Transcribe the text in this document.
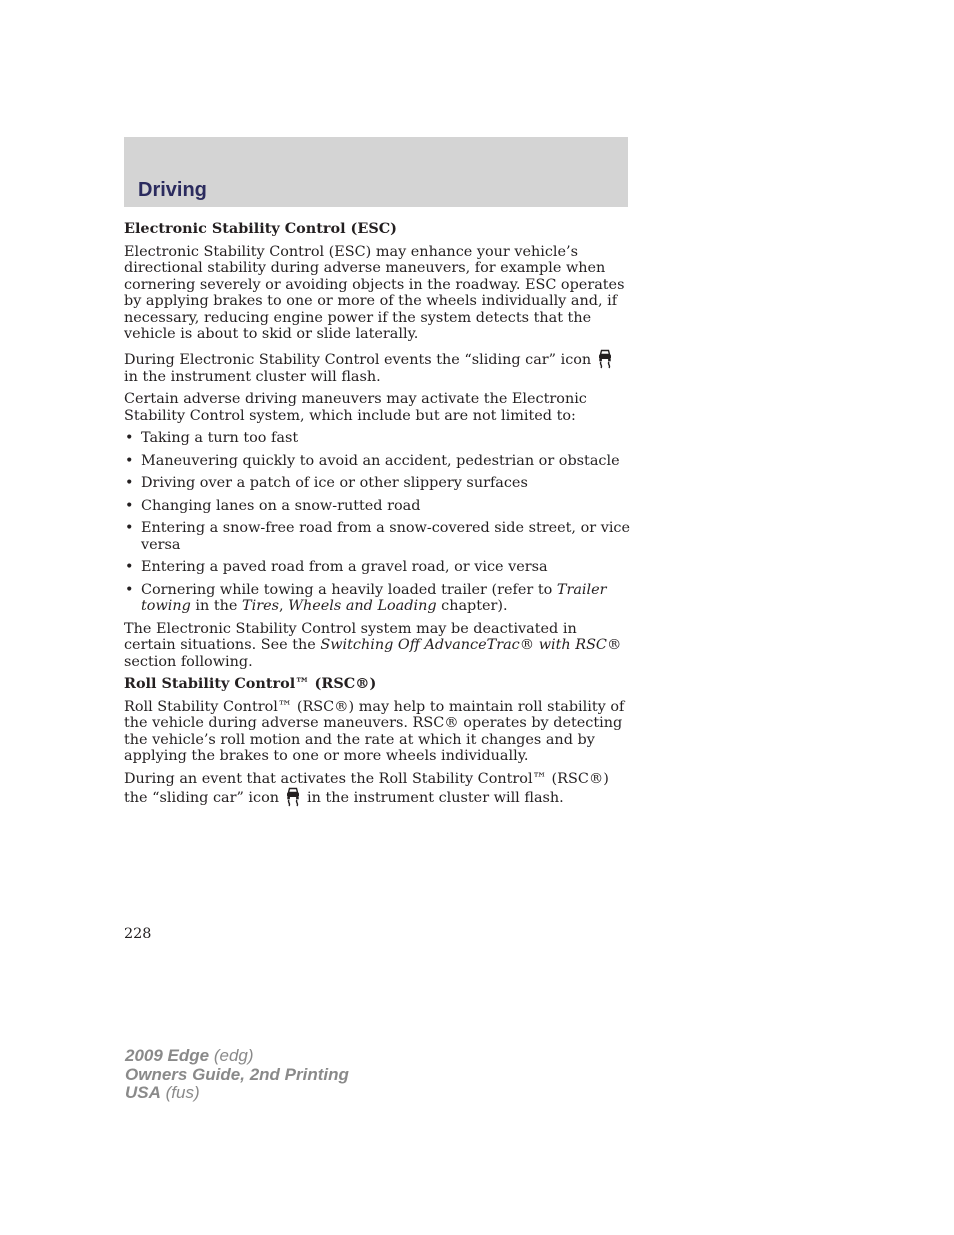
Driving
Electronic Stability Control (ESC)

Electronic Stability Control (ESC) may enhance your vehicle’s directional stability during adverse maneuvers, for example when cornering severely or avoiding objects in the roadway. ESC operates by applying brakes to one or more of the wheels individually and, if necessary, reducing engine power if the system detects that the vehicle is about to skid or slide laterally.

During Electronic Stability Control events the “sliding car” icon
in the instrument cluster will flash.

Certain adverse driving maneuvers may activate the Electronic Stability Control system, which include but are not limited to:

• Taking a turn too fast
• Maneuvering quickly to avoid an accident, pedestrian or obstacle
• Driving over a patch of ice or other slippery surfaces
• Changing lanes on a snow-rutted road
• Entering a snow-free road from a snow-covered side street, or vice versa
• Entering a paved road from a gravel road, or vice versa
• Cornering while towing a heavily loaded trailer (refer to Trailer towing in the Tires, Wheels and Loading chapter).

The Electronic Stability Control system may be deactivated in certain situations. See the Switching Off AdvanceTrac® with RSC® section following.

Roll Stability Control™ (RSC®)

Roll Stability Control™ (RSC®) may help to maintain roll stability of the vehicle during adverse maneuvers. RSC® operates by detecting the vehicle’s roll motion and the rate at which it changes and by applying the brakes to one or more wheels individually.

During an event that activates the Roll Stability Control™ (RSC®) the “sliding car” icon in the instrument cluster will flash.

228
2009 Edge (edg)
Owners Guide, 2nd Printing
USA (fus)
